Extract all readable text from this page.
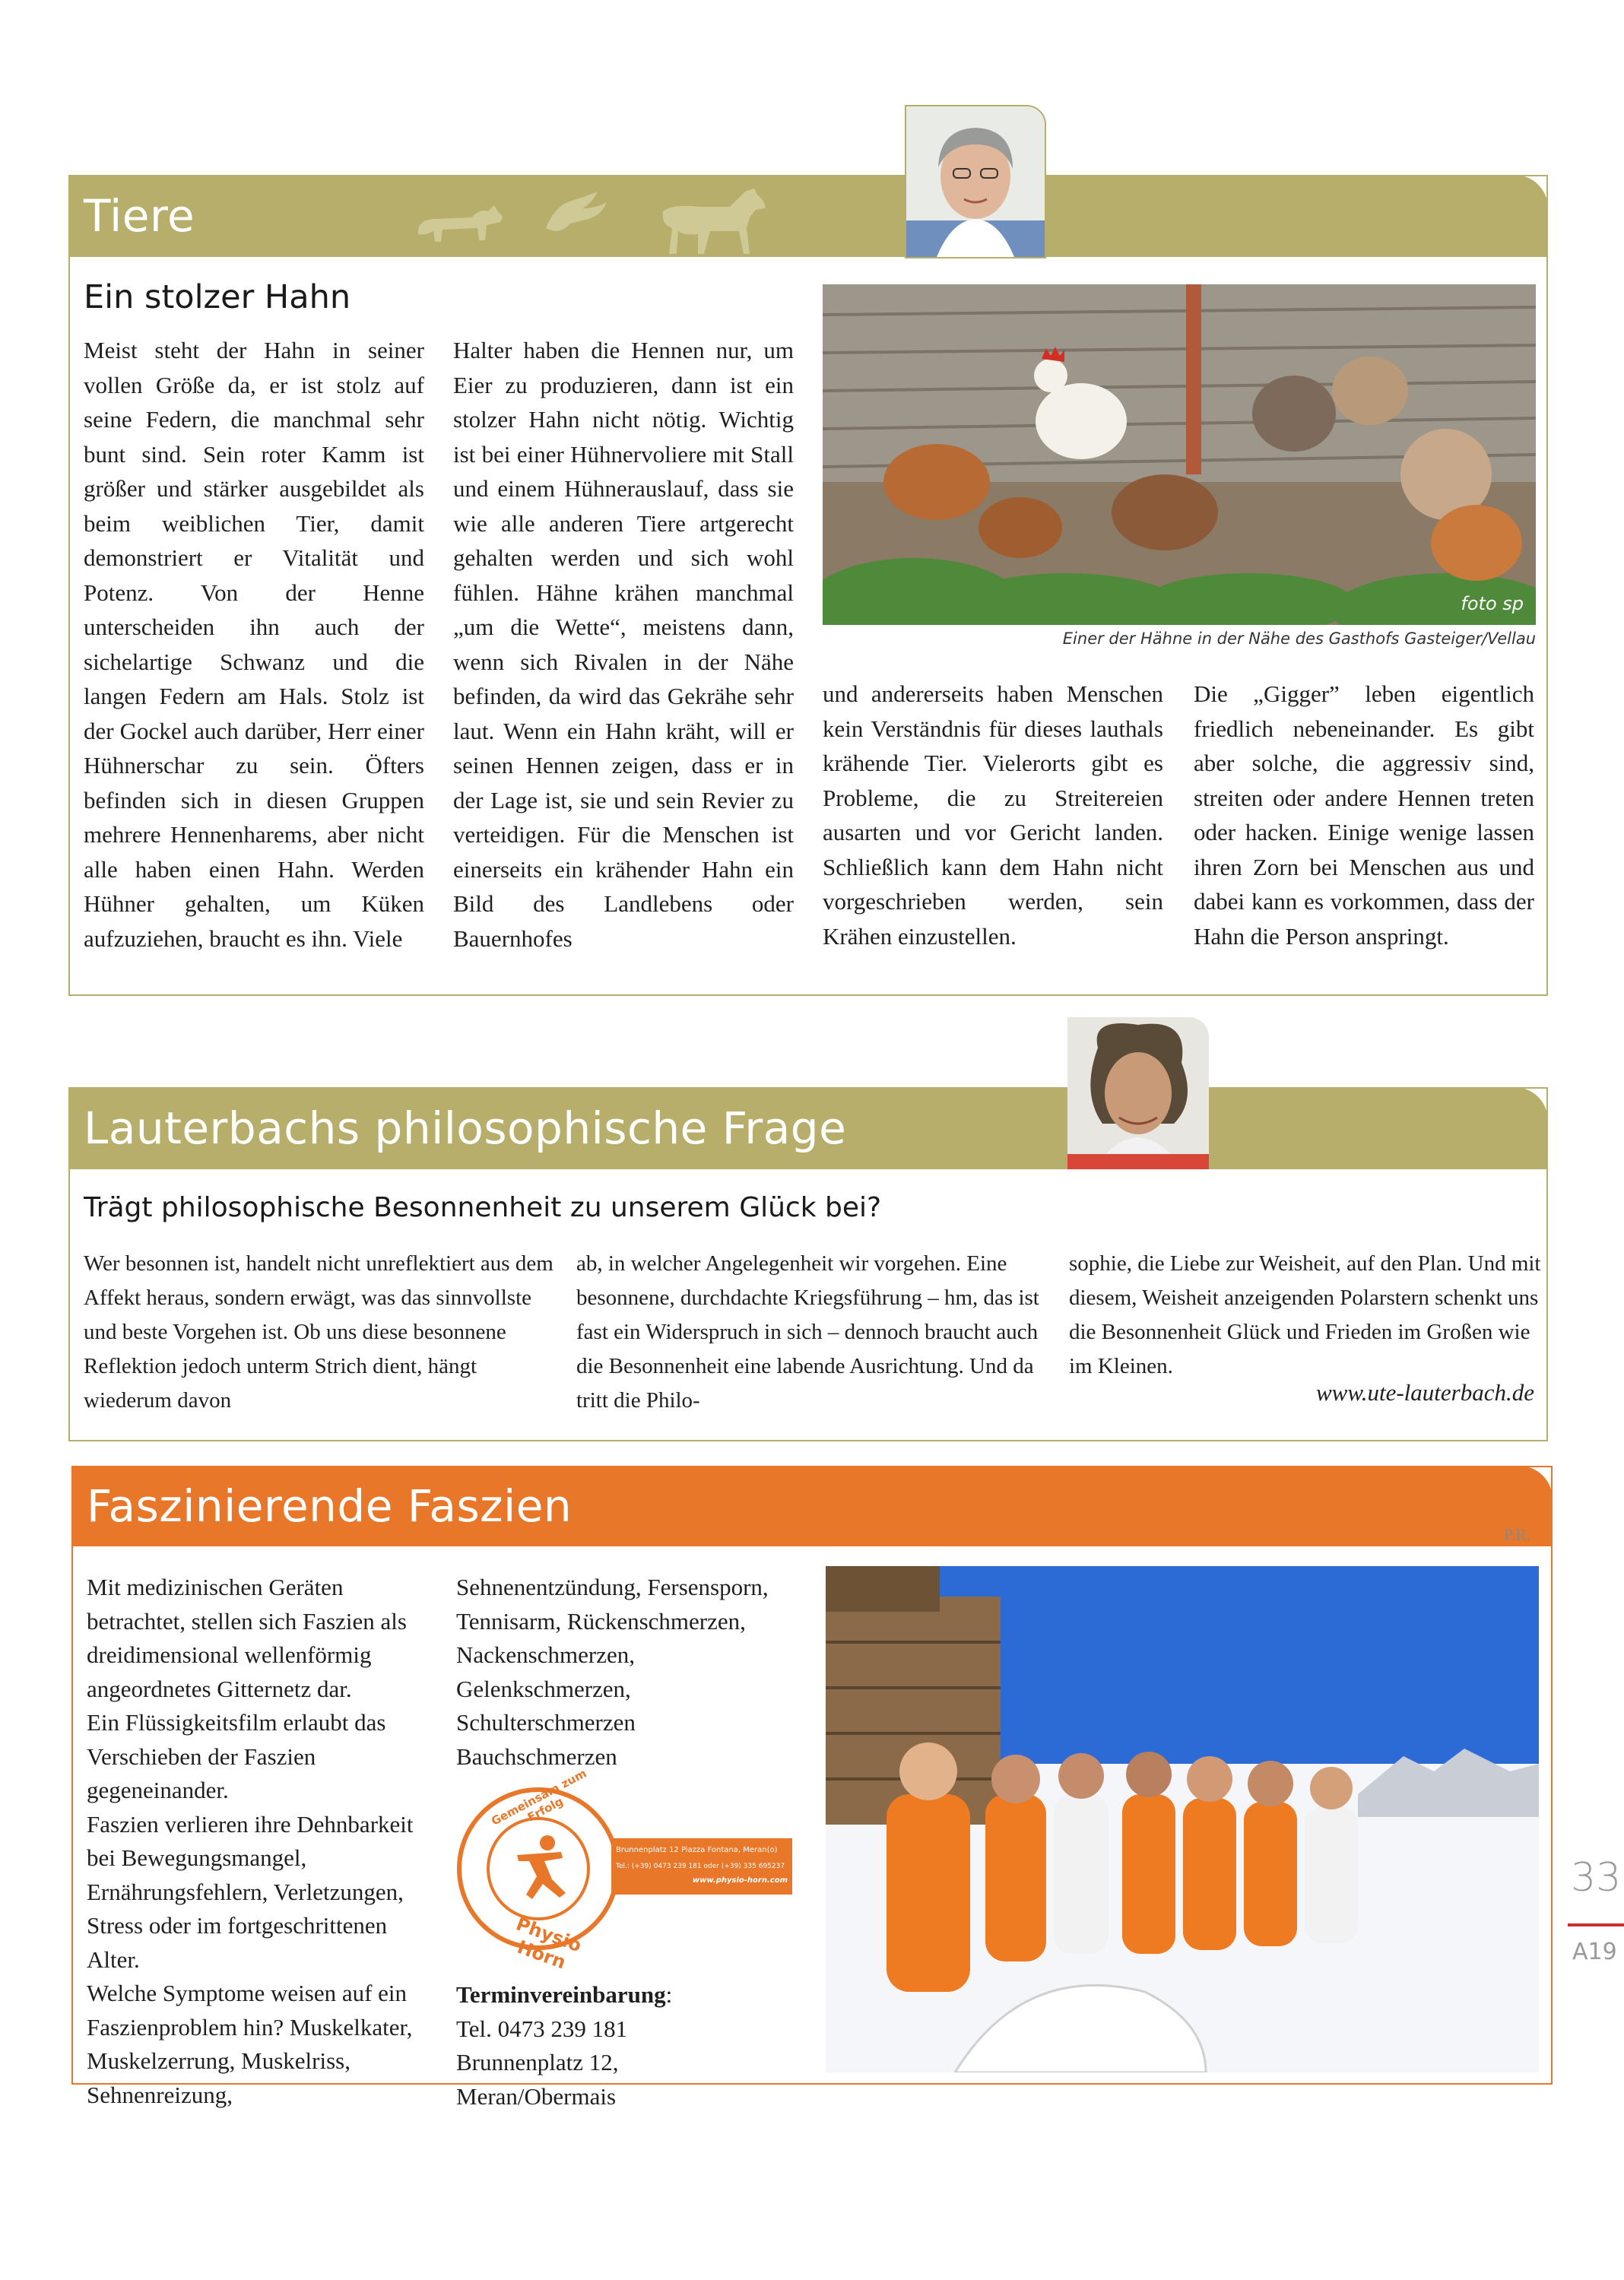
Tiere
Ein stolzer Hahn
Meist steht der Hahn in seiner vollen Größe da, er ist stolz auf seine Federn, die manchmal sehr bunt sind. Sein roter Kamm ist größer und stärker ausgebildet als beim weiblichen Tier, damit demonstriert er Vitalität und Potenz. Von der Henne unterscheiden ihn auch der sichelartige Schwanz und die langen Federn am Hals. Stolz ist der Gockel auch darüber, Herr einer Hühnerschar zu sein. Öfters befinden sich in diesen Gruppen mehrere Hennenharems, aber nicht alle haben einen Hahn. Werden Hühner gehalten, um Küken aufzuziehen, braucht es ihn. Viele
Halter haben die Hennen nur, um Eier zu produzieren, dann ist ein stolzer Hahn nicht nötig. Wichtig ist bei einer Hühnervoliere mit Stall und einem Hühnerauslauf, dass sie wie alle anderen Tiere artgerecht gehalten werden und sich wohl fühlen. Hähne krähen manchmal „um die Wette“, meistens dann, wenn sich Rivalen in der Nähe befinden, da wird das Gekrähe sehr laut. Wenn ein Hahn kräht, will er seinen Hennen zeigen, dass er in der Lage ist, sie und sein Revier zu verteidigen. Für die Menschen ist einerseits ein krähender Hahn ein Bild des Landlebens oder Bauernhofes
foto sp
Einer der Hähne in der Nähe des Gasthofs Gasteiger/Vellau
und andererseits haben Menschen kein Verständnis für dieses lauthals krähende Tier. Vielerorts gibt es Probleme, die zu Streitereien ausarten und vor Gericht landen. Schließlich kann dem Hahn nicht vorgeschrieben werden, sein Krähen einzustellen.
Die „Gigger” leben eigentlich friedlich nebeneinander. Es gibt aber solche, die aggressiv sind, streiten oder andere Hennen treten oder hacken. Einige wenige lassen ihren Zorn bei Menschen aus und dabei kann es vorkommen, dass der Hahn die Person anspringt.
Lauterbachs philosophische Frage
Trägt philosophische Besonnenheit zu unserem Glück bei?
Wer besonnen ist, handelt nicht unreflektiert aus dem Affekt heraus, sondern erwägt, was das sinnvollste und beste Vorgehen ist. Ob uns diese besonnene Reflektion jedoch unterm Strich dient, hängt wiederum davon
ab, in welcher Angelegenheit wir vorgehen. Eine besonnene, durchdachte Kriegsführung – hm, das ist fast ein Widerspruch in sich – dennoch braucht auch die Besonnenheit eine labende Ausrichtung. Und da tritt die Philo-
sophie, die Liebe zur Weisheit, auf den Plan. Und mit diesem, Weisheit anzeigenden Polarstern schenkt uns die Besonnenheit Glück und Frieden im Großen wie im Kleinen.
www.ute-lauterbach.de
Faszinierende Faszien
P.R.

Mit medizinischen Geräten betrachtet, stellen sich Faszien als dreidimensional wellenförmig angeordnetes Gitternetz dar.

Ein Flüssigkeitsfilm erlaubt das Verschieben der Faszien gegeneinander.

Faszien verlieren ihre Dehnbarkeit bei Bewegungsmangel, Ernährungsfehlern, Verletzungen, Stress oder im fortgeschrittenen Alter.

Welche Symptome weisen auf ein Faszienproblem hin? Muskelkater, Muskelzerrung, Muskelriss, Sehnenreizung,

Sehnenentzündung, Fersensporn, Tennisarm, Rückenschmerzen, Nackenschmerzen, Gelenkschmerzen, Schulterschmerzen Bauchschmerzen
Gemeinsam zum Erfolg
Physio Horn
Brunnenplatz 12 Piazza Fontana, Meran(o)
Tel.: (+39) 0473 239 181 oder (+39) 335 695237
www.physio-horn.com
Terminvereinbarung:
Tel. 0473 239 181
Brunnenplatz 12,
Meran/Obermais
33
A19
